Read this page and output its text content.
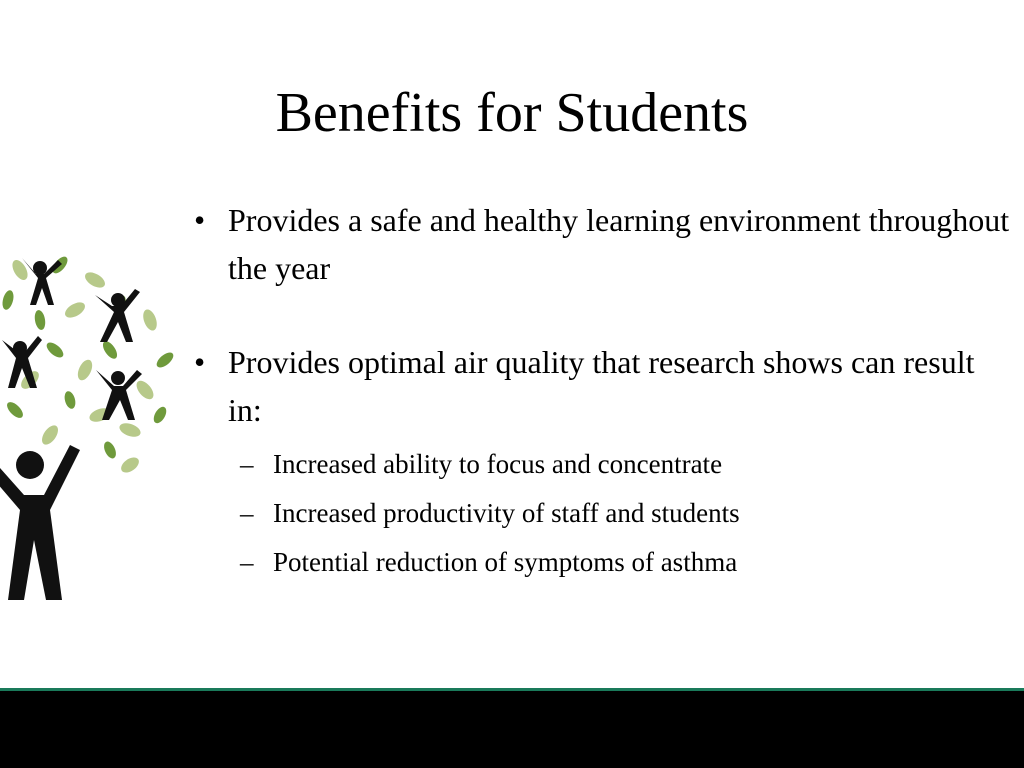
Benefits for Students
• Provides a safe and healthy learning environment throughout the year
• Provides optimal air quality that research shows can result in:
– Increased ability to focus and concentrate
– Increased productivity of staff and students
– Potential reduction of symptoms of asthma
